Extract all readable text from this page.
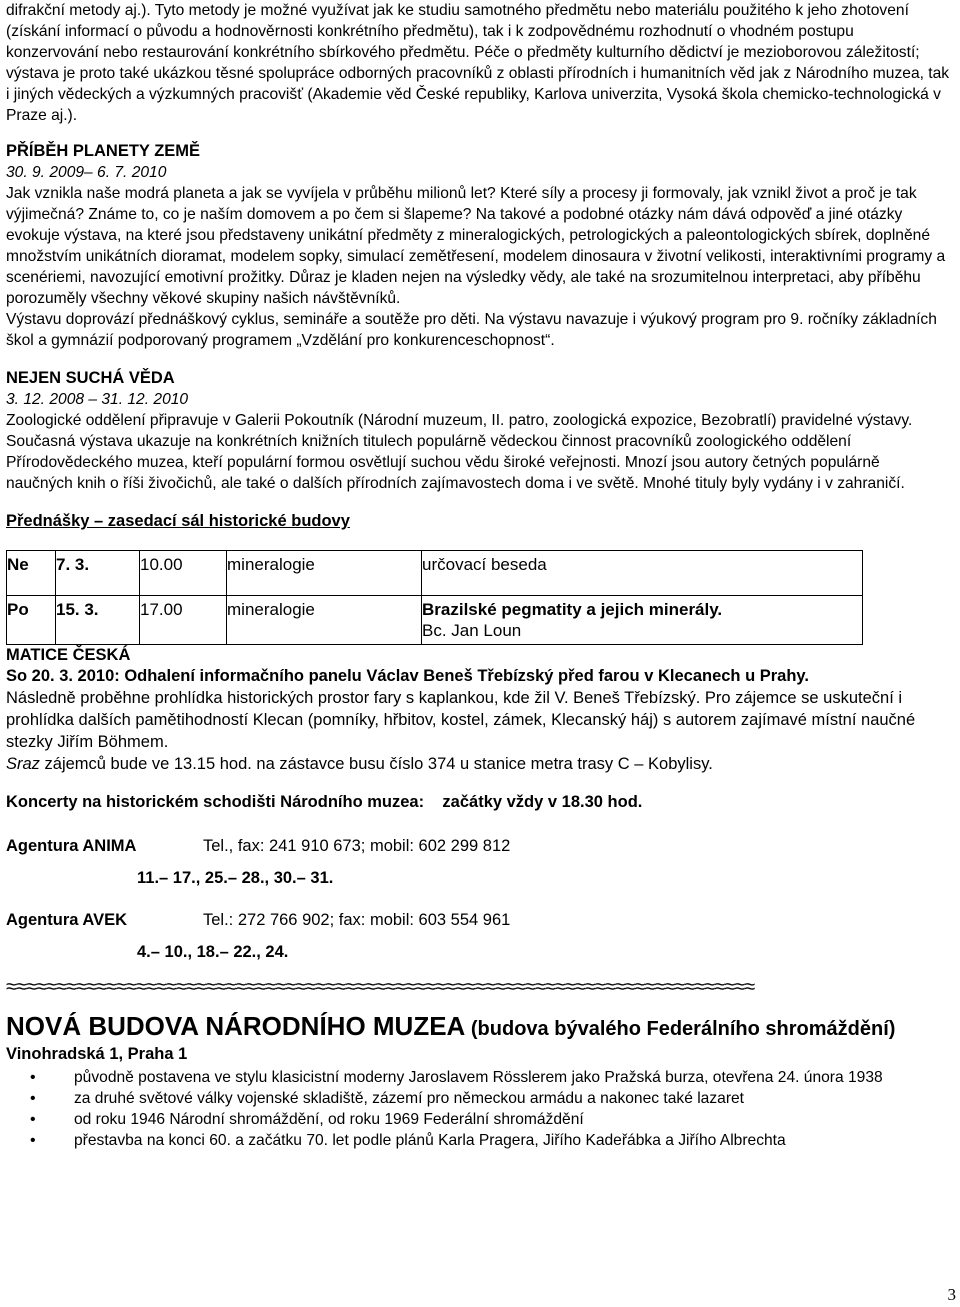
difrakční metody aj.). Tyto metody je možné využívat jak ke studiu samotného předmětu nebo materiálu použitého k jeho zhotovení (získání informací o původu a hodnověrnosti konkrétního předmětu), tak i k zodpovědnému rozhodnutí o vhodném postupu konzervování nebo restaurování konkrétního sbírkového předmětu. Péče o předměty kulturního dědictví je mezioborovou záležitostí; výstava je proto také ukázkou těsné spolupráce odborných pracovníků z oblasti přírodních i humanitních věd jak z Národního muzea, tak i jiných vědeckých a výzkumných pracovišť (Akademie věd České republiky, Karlova univerzita, Vysoká škola chemicko-technologická v Praze aj.).

PŘÍBĚH PLANETY ZEMĚ

30. 9. 2009– 6. 7. 2010

Jak vznikla naše modrá planeta a jak se vyvíjela v průběhu milionů let? Které síly a procesy ji formovaly, jak vznikl život a proč je tak výjimečná? Známe to, co je naším domovem a po čem si šlapeme? Na takové a podobné otázky nám dává odpověď a jiné otázky evokuje výstava, na které jsou představeny unikátní předměty z mineralogických, petrologických a paleontologických sbírek, doplněné množstvím unikátních dioramat, modelem sopky, simulací zemětřesení, modelem dinosaura v životní velikosti, interaktivními programy a scenériemi, navozující emotivní prožitky. Důraz je kladen nejen na výsledky vědy, ale také na srozumitelnou interpretaci, aby příběhu porozuměly všechny věkové skupiny našich návštěvníků.

Výstavu doprovází přednáškový cyklus, semináře a soutěže pro děti. Na výstavu navazuje i výukový program pro 9. ročníky základních škol a gymnázií podporovaný programem „Vzdělání pro konkurenceschopnost“.

NEJEN SUCHÁ VĚDA

3. 12. 2008 – 31. 12. 2010

Zoologické oddělení připravuje v Galerii Pokoutník (Národní muzeum, II. patro, zoologická expozice, Bezobratlí) pravidelné výstavy. Současná výstava ukazuje na konkrétních knižních titulech populárně vědeckou činnost pracovníků zoologického oddělení Přírodovědeckého muzea, kteří populární formou osvětlují suchou vědu široké veřejnosti. Mnozí jsou autory četných populárně naučných knih o říši živočichů, ale také o dalších přírodních zajímavostech doma i ve světě. Mnohé tituly byly vydány i v zahraničí.

Přednášky – zasedací sál historické budovy

Ne	7. 3.	10.00	mineralogie	určovací beseda
Po	15. 3.	17.00	mineralogie	Brazilské pegmatity a jejich minerály.
Bc. Jan Loun

MATICE ČESKÁ

So 20. 3. 2010: Odhalení informačního panelu Václav Beneš Třebízský před farou v Klecanech u Prahy.

Následně proběhne prohlídka historických prostor fary s kaplankou, kde žil V. Beneš Třebízský. Pro zájemce se uskuteční i prohlídka dalších pamětihodností Klecan (pomníky, hřbitov, kostel, zámek, Klecanský háj) s autorem zajímavé místní naučné stezky Jiřím Böhmem.

Sraz zájemců bude ve 13.15 hod. na zástavce busu číslo 374 u stanice metra trasy C – Kobylisy.

Koncerty na historickém schodišti Národního muzea:    začátky vždy v 18.30 hod.

Agentura ANIMA	Tel., fax: 241 910 673; mobil: 602 299 812
11.– 17., 25.– 28., 30.– 31.
Agentura AVEK	Tel.: 272 766 902; fax: mobil: 603 554 961
4.– 10., 18.– 22., 24.
≈≈≈≈≈≈≈≈≈≈≈≈≈≈≈≈≈≈≈≈≈≈≈≈≈≈≈≈≈≈≈≈≈≈≈≈≈≈≈≈≈≈≈≈≈≈≈≈≈≈≈≈≈≈≈≈≈≈≈≈≈≈≈≈≈≈≈≈≈≈≈≈≈≈≈

NOVÁ BUDOVA NÁRODNÍHO MUZEA (budova bývalého Federálního shromáždění)

Vinohradská 1, Praha 1

• původně postavena ve stylu klasicistní moderny Jaroslavem Rösslerem jako Pražská burza, otevřena 24. února 1938
• za druhé světové války vojenské skladiště, zázemí pro německou armádu a nakonec také lazaret
• od roku 1946 Národní shromáždění, od roku 1969 Federální shromáždění
• přestavba na konci 60. a začátku 70. let podle plánů Karla Pragera, Jiřího Kadeřábka a Jiřího Albrechta
3
